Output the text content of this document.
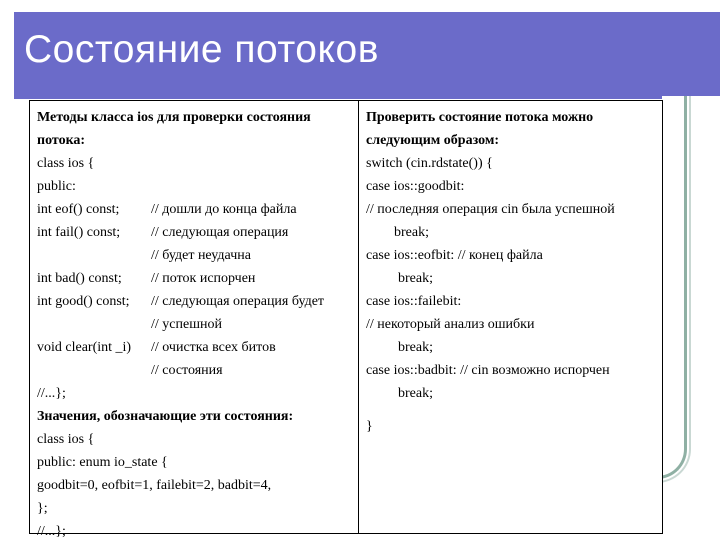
Состояние потоков
Методы класса ios для проверки состояния
потока:
class ios {
public:
int eof() const; // дошли до конца файла
int fail() const; // следующая операция
// будет неудачна
int bad() const; // поток испорчен
int good() const; // следующая операция будет
// успешной
void clear(int _i) // очистка всех битов
// состояния
//...};
Значения, обозначающие эти состояния:
class ios {
public: enum io_state {
goodbit=0, eofbit=1, failebit=2, badbit=4,
};
//...};
Проверить состояние потока можно
следующим образом:
switch (cin.rdstate()) {
case ios::goodbit:
// последняя операция cin была успешной
break;
case ios::eofbit: // конец файла
break;
case ios::failebit:
// некоторый анализ ошибки
break;
case ios::badbit: // cin возможно испорчен
break;
}
